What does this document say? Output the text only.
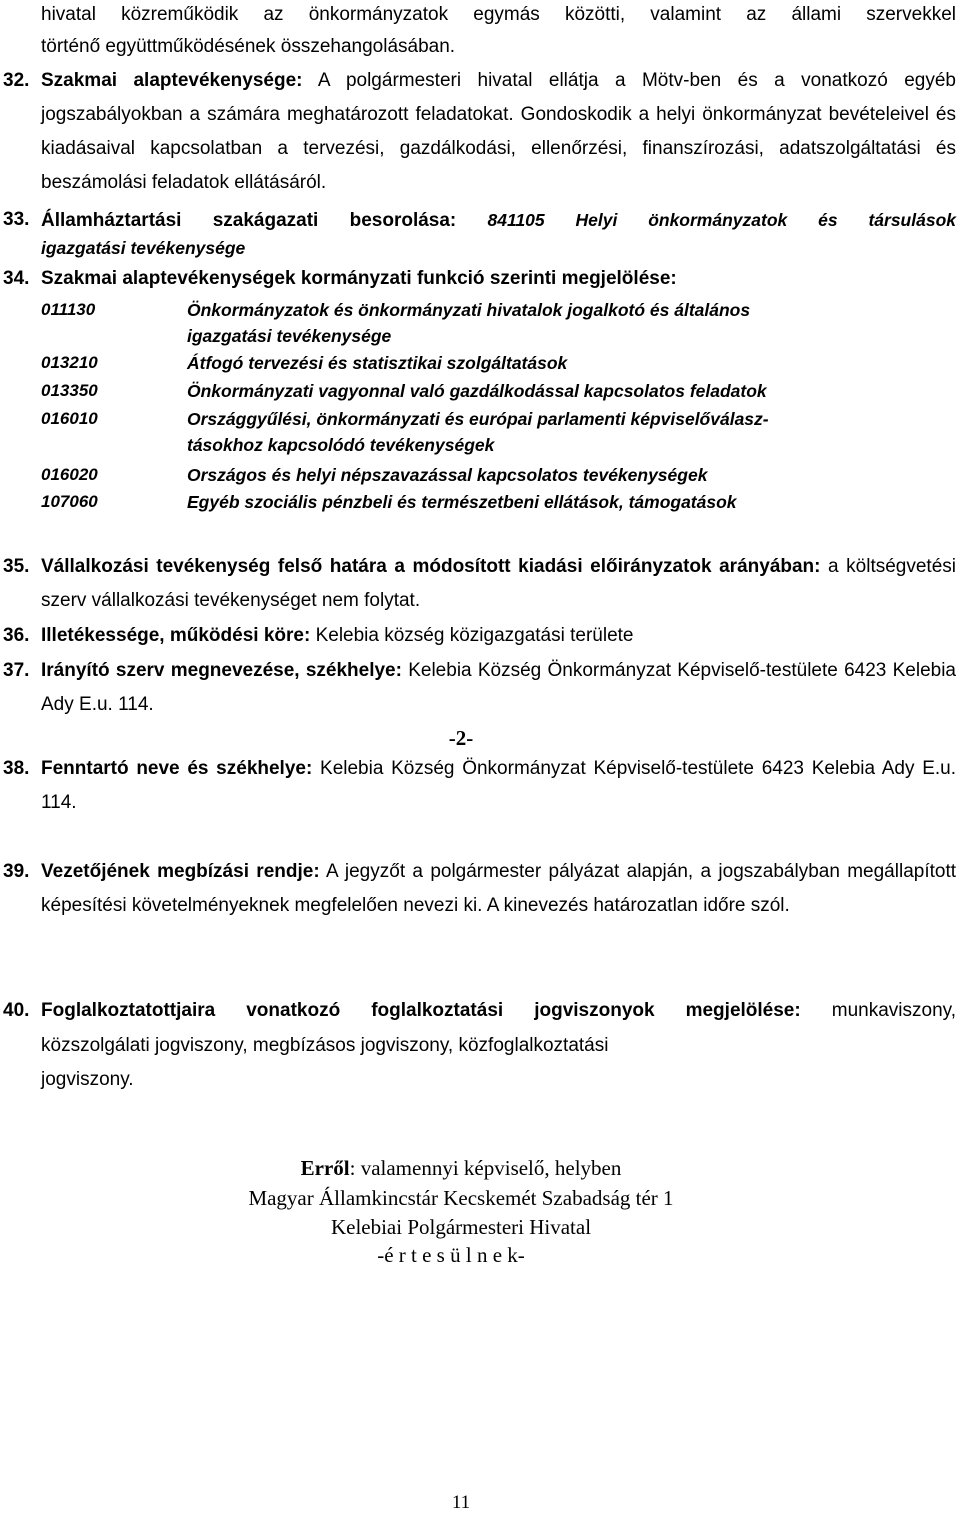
hivatal közreműködik az önkormányzatok egymás közötti, valamint az állami szervekkel

történő együttműködésének összehangolásában.

32. Szakmai alaptevékenysége: A polgármesteri hivatal ellátja a Mötv-ben és a vonatkozó egyéb jogszabályokban a számára meghatározott feladatokat. Gondoskodik a helyi önkormányzat bevételeivel és kiadásaival kapcsolatban a tervezési, gazdálkodási, ellenőrzési, finanszírozási, adatszolgáltatási és beszámolási feladatok ellátásáról.

33. Államháztartási szakágazati besorolása: 841105 Helyi önkormányzatok és társulások

igazgatási tevékenysége

34. Szakmai alaptevékenységek kormányzati funkció szerinti megjelölése:

011130	Önkormányzatok és önkormányzati hivatalok jogalkotó és általános
igazgatási tevékenysége
013210	Átfogó tervezési és statisztikai szolgáltatások
013350	Önkormányzati vagyonnal való gazdálkodással kapcsolatos feladatok
016010	Országgyűlési, önkormányzati és európai parlamenti képviselőválasz-
tásokhoz kapcsolódó tevékenységek
016020	Országos és helyi népszavazással kapcsolatos tevékenységek
107060	Egyéb szociális pénzbeli és természetbeni ellátások, támogatások
35. Vállalkozási tevékenység felső határa a módosított kiadási előirányzatok arányában: a költségvetési szerv vállalkozási tevékenységet nem folytat.

36. Illetékessége, működési köre: Kelebia község közigazgatási területe

37. Irányító szerv megnevezése, székhelye: Kelebia Község Önkormányzat Képviselő-testülete 6423 Kelebia Ady E.u. 114.

-2-
38. Fenntartó neve és székhelye: Kelebia Község Önkormányzat Képviselő-testülete 6423 Kelebia Ady E.u. 114.

39. Vezetőjének megbízási rendje: A jegyzőt a polgármester pályázat alapján, a jogszabályban megállapított képesítési követelményeknek megfelelően nevezi ki. A kinevezés határozatlan időre szól.

40. Foglalkoztatottjaira vonatkozó foglalkoztatási jogviszonyok megjelölése: munkaviszony,

közszolgálati jogviszony, megbízásos jogviszony, közfoglalkoztatási

jogviszony.

Erről: valamennyi képviselő, helyben
Magyar Államkincstár Kecskemét Szabadság tér 1
Kelebiai Polgármesteri Hivatal
-é r t e s ü l n e k-
11
